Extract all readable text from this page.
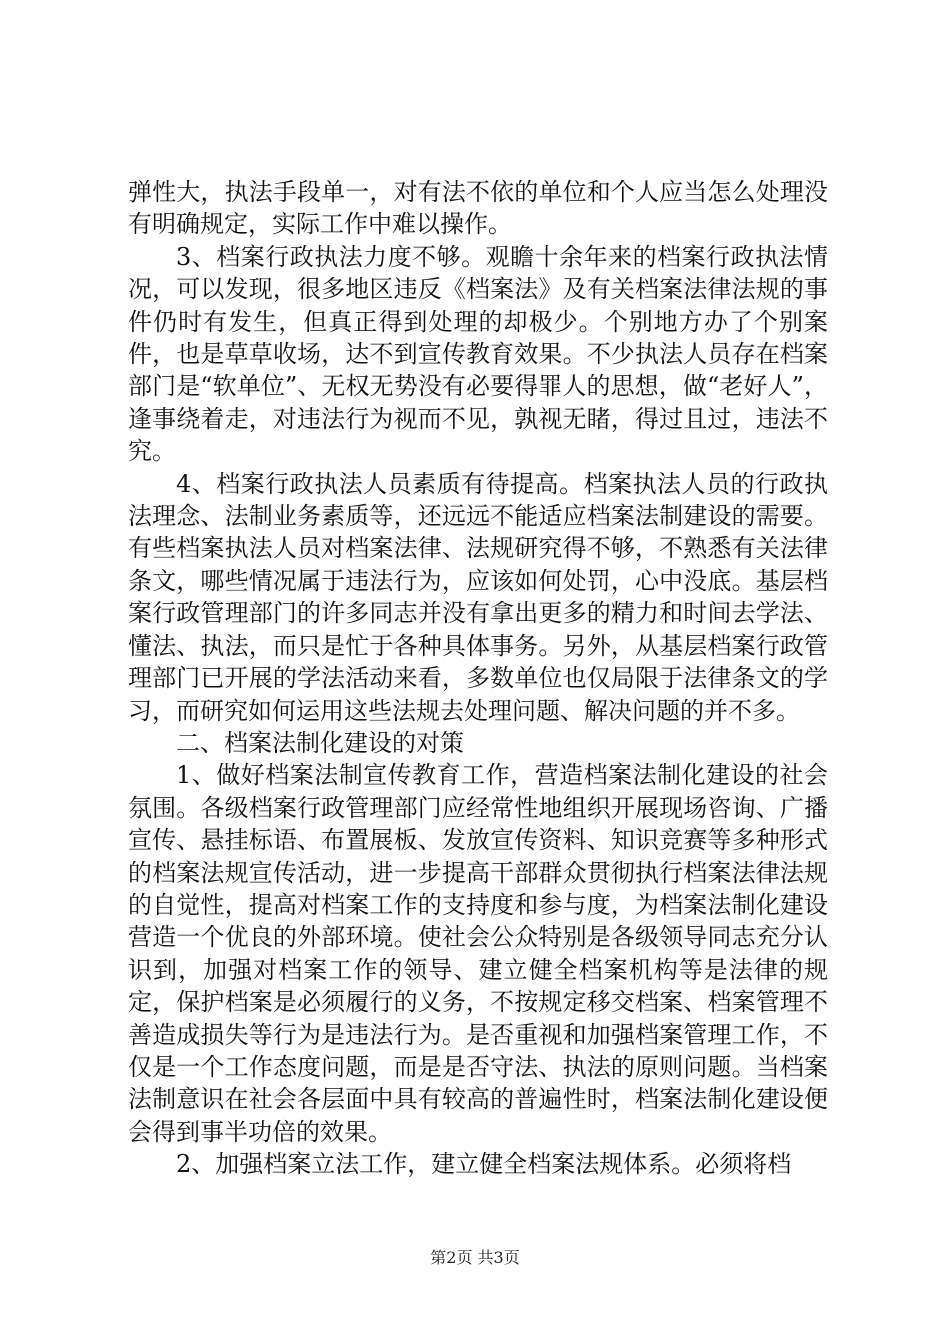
弹性大，执法手段单一，对有法不依的单位和个人应当怎么处理没有明确规定，实际工作中难以操作。

3、档案行政执法力度不够。观瞻十余年来的档案行政执法情况，可以发现，很多地区违反《档案法》及有关档案法律法规的事件仍时有发生，但真正得到处理的却极少。个别地方办了个别案件，也是草草收场，达不到宣传教育效果。不少执法人员存在档案部门是“软单位”、无权无势没有必要得罪人的思想，做“老好人”，逢事绕着走，对违法行为视而不见，孰视无睹，得过且过，违法不究。

4、档案行政执法人员素质有待提高。档案执法人员的行政执法理念、法制业务素质等，还远远不能适应档案法制建设的需要。有些档案执法人员对档案法律、法规研究得不够，不熟悉有关法律条文，哪些情况属于违法行为，应该如何处罚，心中没底。基层档案行政管理部门的许多同志并没有拿出更多的精力和时间去学法、懂法、执法，而只是忙于各种具体事务。另外，从基层档案行政管理部门已开展的学法活动来看，多数单位也仅局限于法律条文的学习，而研究如何运用这些法规去处理问题、解决问题的并不多。

二、档案法制化建设的对策

1、做好档案法制宣传教育工作，营造档案法制化建设的社会氛围。各级档案行政管理部门应经常性地组织开展现场咨询、广播宣传、悬挂标语、布置展板、发放宣传资料、知识竞赛等多种形式的档案法规宣传活动，进一步提高干部群众贯彻执行档案法律法规的自觉性，提高对档案工作的支持度和参与度，为档案法制化建设营造一个优良的外部环境。使社会公众特别是各级领导同志充分认识到，加强对档案工作的领导、建立健全档案机构等是法律的规定，保护档案是必须履行的义务，不按规定移交档案、档案管理不善造成损失等行为是违法行为。是否重视和加强档案管理工作，不仅是一个工作态度问题，而是是否守法、执法的原则问题。当档案法制意识在社会各层面中具有较高的普遍性时，档案法制化建设便会得到事半功倍的效果。

2、加强档案立法工作，建立健全档案法规体系。必须将档

第2页 共3页
